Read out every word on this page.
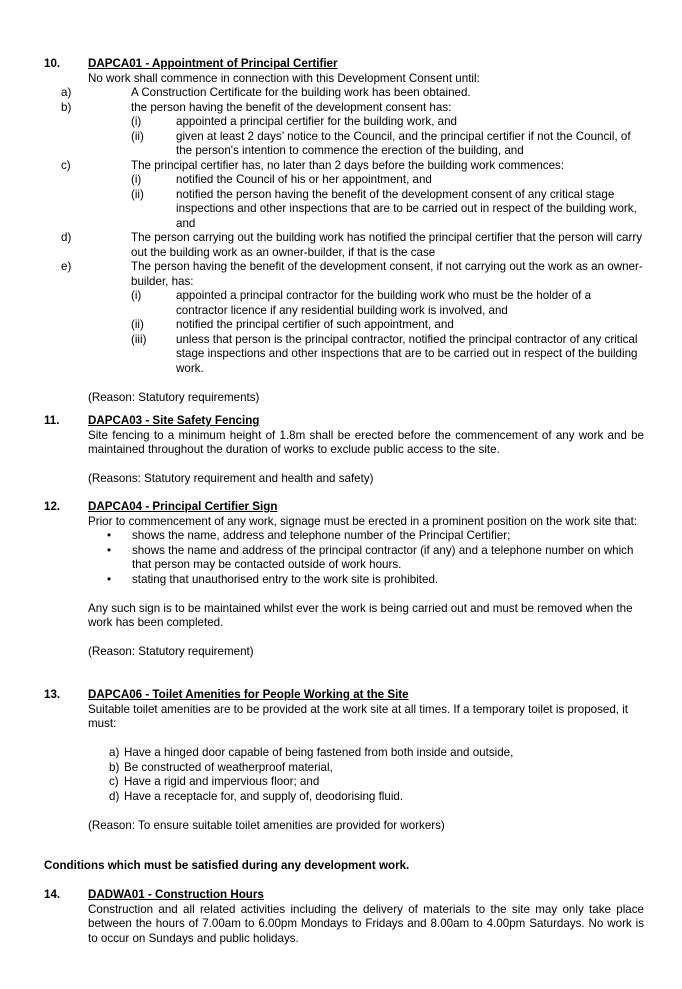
10. DAPCA01 - Appointment of Principal Certifier
No work shall commence in connection with this Development Consent until:
a)	A Construction Certificate for the building work has been obtained.
b)	the person having the benefit of the development consent has:
(i)	appointed a principal certifier for the building work, and
(ii)	given at least 2 days’ notice to the Council, and the principal certifier if not the Council, of the person's intention to commence the erection of the building, and
c)	The principal certifier has, no later than 2 days before the building work commences:
(i)	notified the Council of his or her appointment, and
(ii)	notified the person having the benefit of the development consent of any critical stage inspections and other inspections that are to be carried out in respect of the building work, and
d)	The person carrying out the building work has notified the principal certifier that the person will carry out the building work as an owner-builder, if that is the case
e)	The person having the benefit of the development consent, if not carrying out the work as an owner-builder, has:
(i)	appointed a principal contractor for the building work who must be the holder of a contractor licence if any residential building work is involved, and
(ii)	notified the principal certifier of such appointment, and
(iii)	unless that person is the principal contractor, notified the principal contractor of any critical stage inspections and other inspections that are to be carried out in respect of the building work.
(Reason: Statutory requirements)
11. DAPCA03 - Site Safety Fencing
Site fencing to a minimum height of 1.8m shall be erected before the commencement of any work and be maintained throughout the duration of works to exclude public access to the site.
(Reasons: Statutory requirement and health and safety)
12. DAPCA04 - Principal Certifier Sign
Prior to commencement of any work, signage must be erected in a prominent position on the work site that:
• shows the name, address and telephone number of the Principal Certifier;
• shows the name and address of the principal contractor (if any) and a telephone number on which that person may be contacted outside of work hours.
• stating that unauthorised entry to the work site is prohibited.
Any such sign is to be maintained whilst ever the work is being carried out and must be removed when the work has been completed.
(Reason: Statutory requirement)
13. DAPCA06 - Toilet Amenities for People Working at the Site
Suitable toilet amenities are to be provided at the work site at all times. If a temporary toilet is proposed, it must:
a) Have a hinged door capable of being fastened from both inside and outside,
b) Be constructed of weatherproof material,
c) Have a rigid and impervious floor; and
d) Have a receptacle for, and supply of, deodorising fluid.
(Reason: To ensure suitable toilet amenities are provided for workers)
Conditions which must be satisfied during any development work.
14. DADWA01 - Construction Hours
Construction and all related activities including the delivery of materials to the site may only take place between the hours of 7.00am to 6.00pm Mondays to Fridays and 8.00am to 4.00pm Saturdays. No work is to occur on Sundays and public holidays.
